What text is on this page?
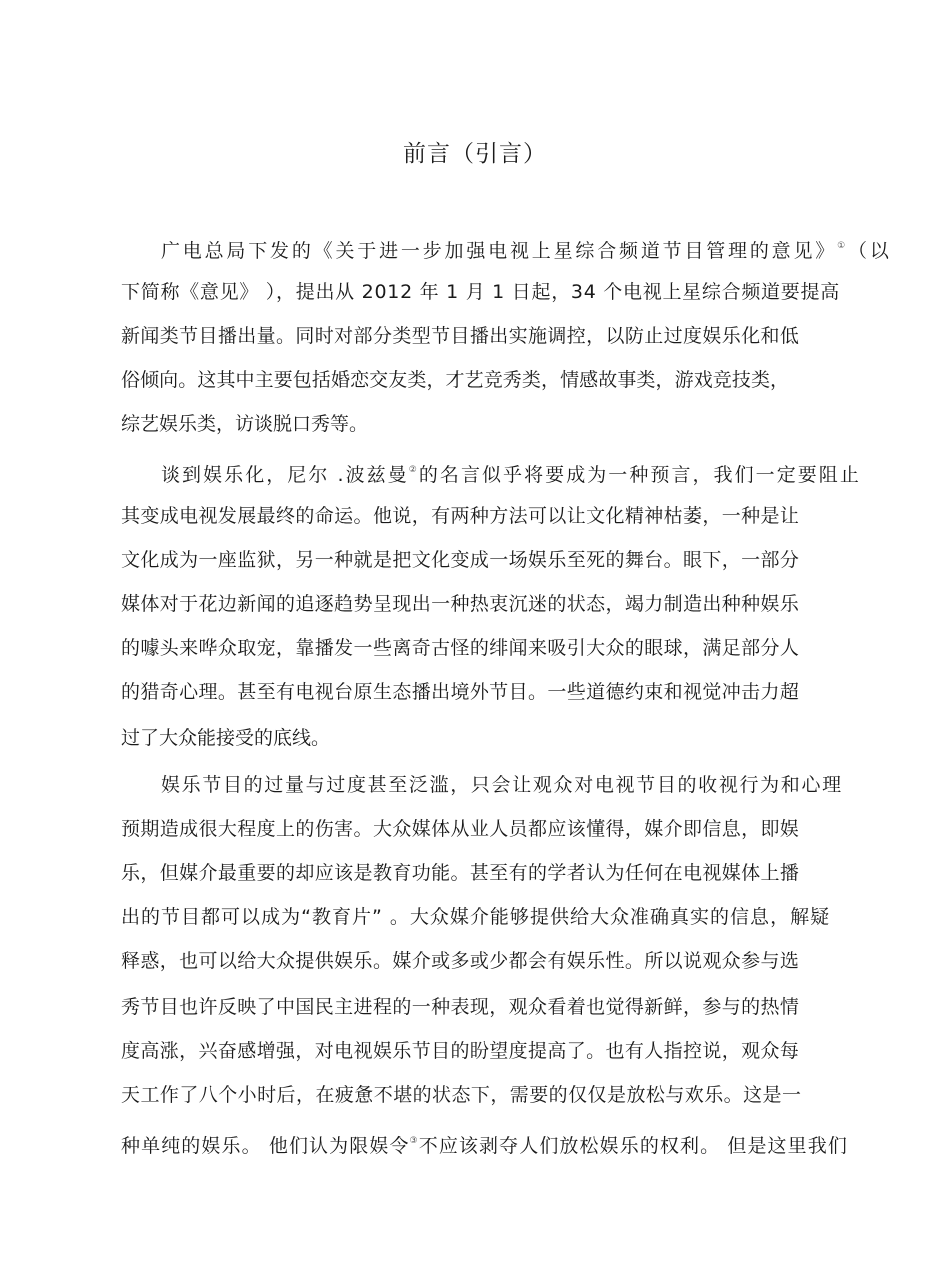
前言（引言）
广电总局下发的《关于进一步加强电视上星综合频道节目管理的意见》①（以
下简称《意见》 ），提出从 2012 年 1 月 1 日起，34 个电视上星综合频道要提高
新闻类节目播出量。同时对部分类型节目播出实施调控，以防止过度娱乐化和低
俗倾向。这其中主要包括婚恋交友类，才艺竞秀类，情感故事类，游戏竞技类，
综艺娱乐类，访谈脱口秀等。
谈到娱乐化，尼尔 .波兹曼②的名言似乎将要成为一种预言，我们一定要阻止
其变成电视发展最终的命运。他说，有两种方法可以让文化精神枯萎，一种是让
文化成为一座监狱，另一种就是把文化变成一场娱乐至死的舞台。眼下，一部分
媒体对于花边新闻的追逐趋势呈现出一种热衷沉迷的状态，竭力制造出种种娱乐
的噱头来哗众取宠，靠播发一些离奇古怪的绯闻来吸引大众的眼球，满足部分人
的猎奇心理。甚至有电视台原生态播出境外节目。一些道德约束和视觉冲击力超
过了大众能接受的底线。
娱乐节目的过量与过度甚至泛滥，只会让观众对电视节目的收视行为和心理
预期造成很大程度上的伤害。大众媒体从业人员都应该懂得，媒介即信息，即娱
乐，但媒介最重要的却应该是教育功能。甚至有的学者认为任何在电视媒体上播
出的节目都可以成为“教育片” 。大众媒介能够提供给大众准确真实的信息，解疑
释惑，也可以给大众提供娱乐。媒介或多或少都会有娱乐性。所以说观众参与选
秀节目也许反映了中国民主进程的一种表现，观众看着也觉得新鲜，参与的热情
度高涨，兴奋感增强，对电视娱乐节目的盼望度提高了。也有人指控说，观众每
天工作了八个小时后，在疲惫不堪的状态下，需要的仅仅是放松与欢乐。这是一
种单纯的娱乐。 他们认为限娱令③不应该剥夺人们放松娱乐的权利。 但是这里我们
